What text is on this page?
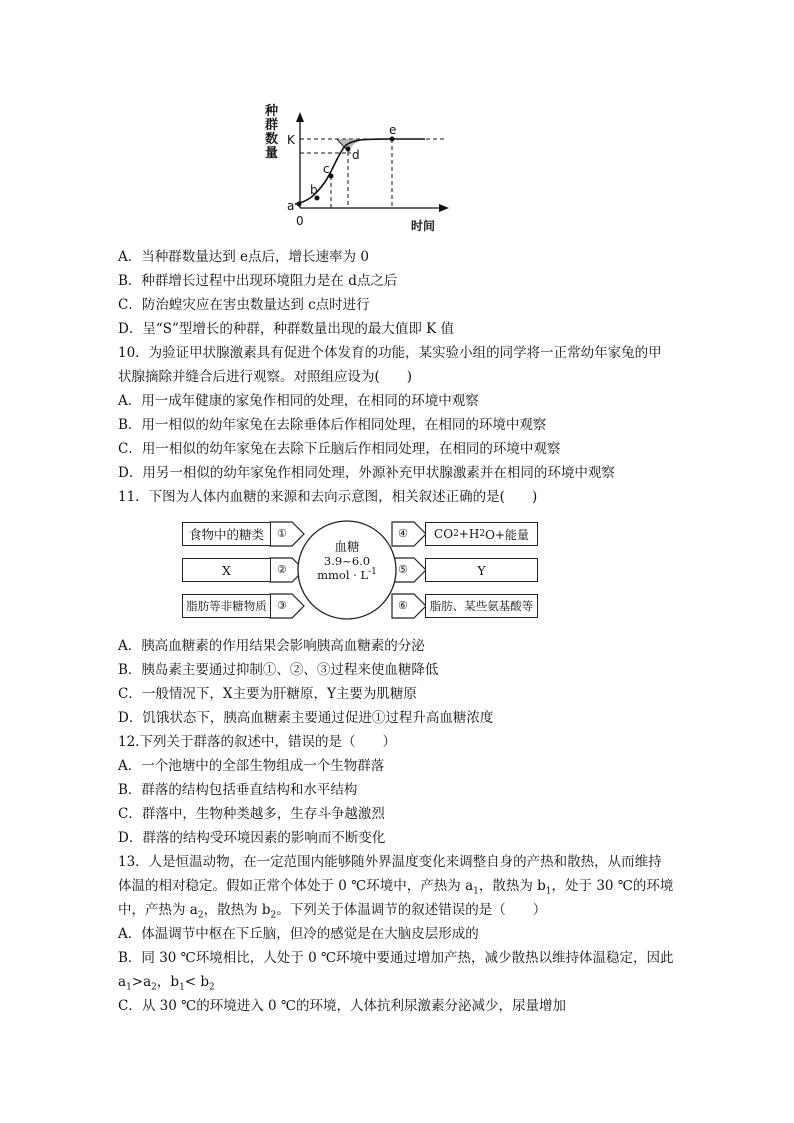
种
群
数
量
a
b
c
d
e
K
0	时间
A．当种群数量达到 e点后，增长速率为 0
B．种群增长过程中出现环境阻力是在 d点之后
C．防治蝗灾应在害虫数量达到 c点时进行
D．呈“S”型增长的种群，种群数量出现的最大值即 K 值
10．为验证甲状腺激素具有促进个体发育的功能，某实验小组的同学将一正常幼年家兔的甲
状腺摘除并缝合后进行观察。对照组应设为(　　)
A．用一成年健康的家兔作相同的处理，在相同的环境中观察
B．用一相似的幼年家兔在去除垂体后作相同处理，在相同的环境中观察
C．用一相似的幼年家兔在去除下丘脑后作相同处理，在相同的环境中观察
D．用另一相似的幼年家兔作相同处理，外源补充甲状腺激素并在相同的环境中观察
11．下图为人体内血糖的来源和去向示意图，相关叙述正确的是(　　)
食物中的糖类
X
脂肪等非糖物质
①
②
③
④
⑤
⑥
血糖
3.9~6.0
mmol · $L^{-1}$
CO 2 +H 2 O+能量
Y
脂肪、某些氨基酸等
A．胰高血糖素的作用结果会影响胰高血糖素的分泌
B．胰岛素主要通过抑制①、②、③过程来使血糖降低
C．一般情况下，X主要为肝糖原，Y主要为肌糖原
D．饥饿状态下，胰高血糖素主要通过促进①过程升高血糖浓度
12.下列关于群落的叙述中，错误的是（　　）
A．一个池塘中的全部生物组成一个生物群落
B．群落的结构包括垂直结构和水平结构
C．群落中，生物种类越多，生存斗争越激烈
D．群落的结构受环境因素的影响而不断变化
13．人是恒温动物，在一定范围内能够随外界温度变化来调整自身的产热和散热，从而维持
体温的相对稳定。假如正常个体处于 0 ℃环境中，产热为 $a_1$，散热为 $b_1$，处于 30 ℃的环境
中，产热为 $a_2$，散热为 $b_2$。下列关于体温调节的叙述错误的是（　　）
A．体温调节中枢在下丘脑，但冷的感觉是在大脑皮层形成的
B．同 30 ℃环境相比，人处于 0 ℃环境中要通过增加产热，减少散热以维持体温稳定，因此
$a_1>a_2$，$b_1< b_2$
C．从 30 ℃的环境进入 0 ℃的环境，人体抗利尿激素分泌减少，尿量增加
